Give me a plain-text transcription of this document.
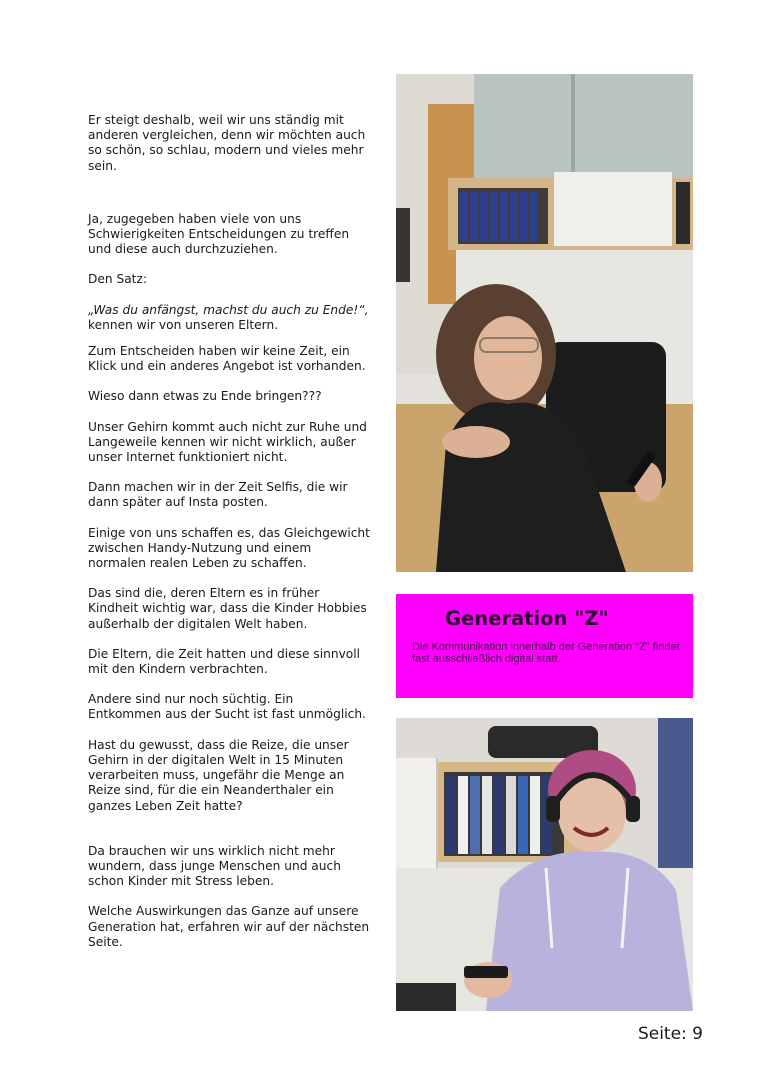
Er steigt deshalb, weil wir uns ständig mit anderen vergleichen, denn wir möchten auch so schön, so schlau, modern und vieles mehr sein.

Ja, zugegeben haben viele von uns Schwierigkeiten Entscheidungen zu treffen und diese auch durchzuziehen.

Den Satz:

„Was du anfängst, machst du auch zu Ende!“,

kennen wir von unseren Eltern.

Zum Entscheiden haben wir keine Zeit, ein Klick und ein anderes Angebot ist vorhanden.

Wieso dann etwas zu Ende bringen???

Unser Gehirn kommt auch nicht zur Ruhe und Langeweile kennen wir nicht wirklich, außer unser Internet funktioniert nicht.

Dann machen wir in der Zeit Selfis, die wir dann später auf Insta posten.

Einige von uns schaffen es, das Gleichgewicht zwischen Handy-Nutzung und einem normalen realen Leben zu schaffen.

Das sind die, deren Eltern es in früher Kindheit wichtig war, dass die Kinder Hobbies außerhalb der digitalen Welt haben.

Die Eltern, die Zeit hatten und diese sinnvoll mit den Kindern verbrachten.

Andere sind nur noch süchtig. Ein Entkommen aus der Sucht ist fast unmöglich.

Hast du gewusst, dass die Reize, die unser Gehirn in der digitalen Welt in 15 Minuten verarbeiten muss, ungefähr die Menge an Reize sind, für die ein Neanderthaler ein ganzes Leben Zeit hatte?

Da brauchen wir uns wirklich nicht mehr wundern, dass junge Menschen und auch schon Kinder mit Stress leben.

Welche Auswirkungen das Ganze auf unsere Generation hat, erfahren wir auf der nächsten Seite.

Generation "Z"
Die Kommunikation innerhalb der Generation "Z" findet fast ausschließlich digital statt.
Seite: 9
